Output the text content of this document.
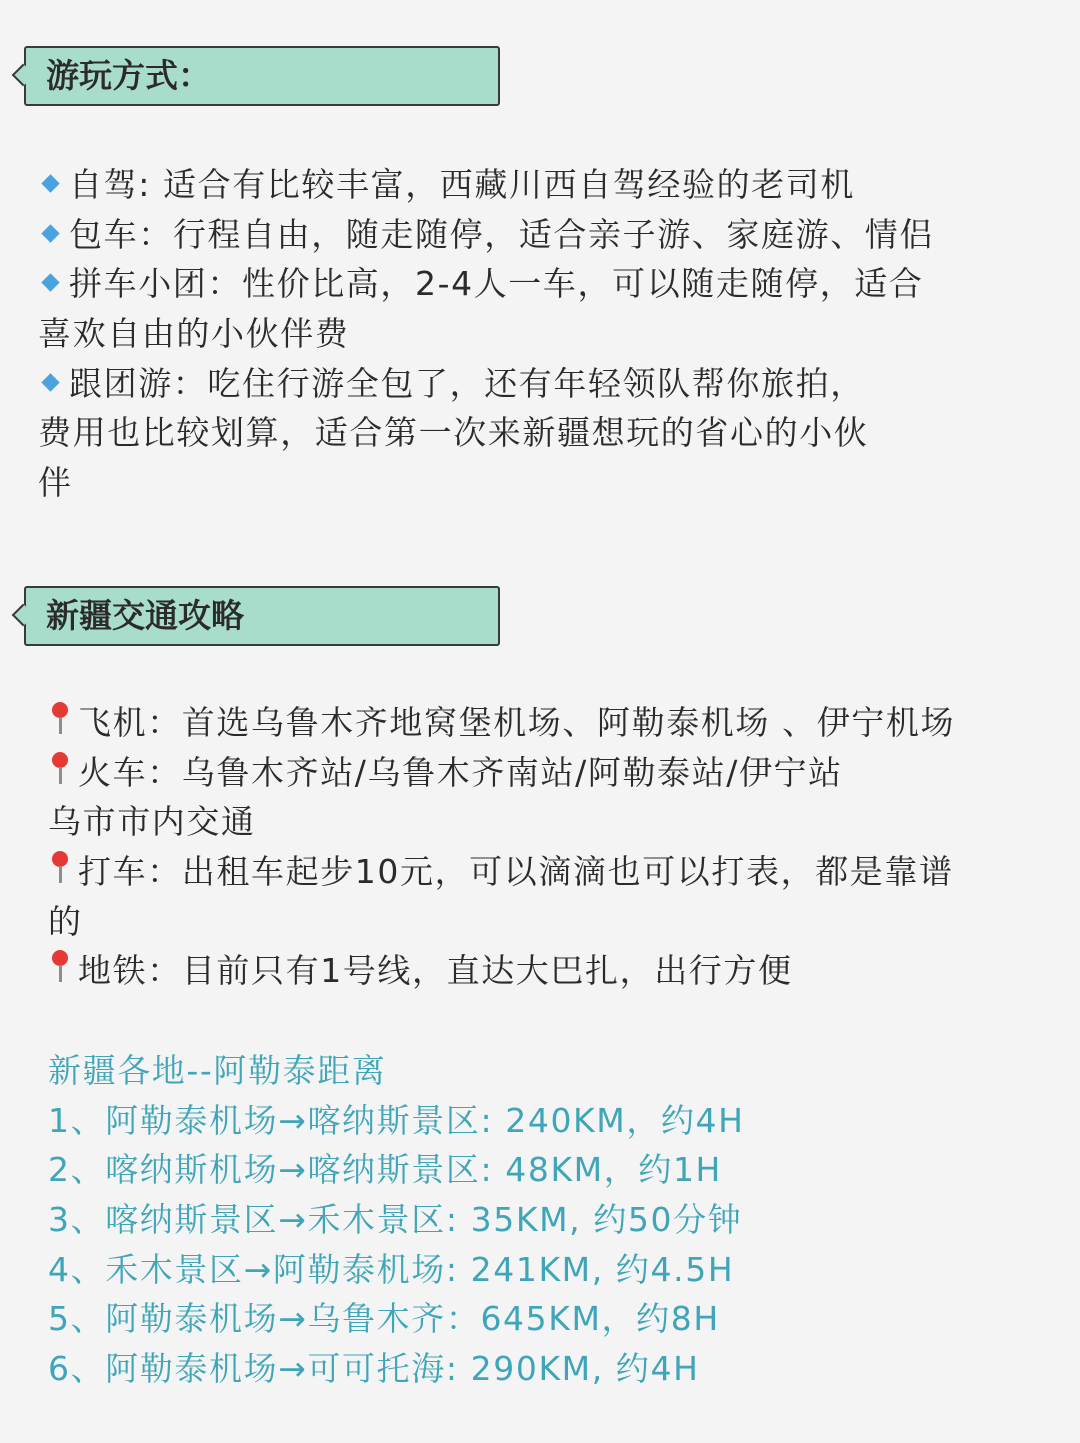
游玩方式：
自驾: 适合有比较丰富，西藏川西自驾经验的老司机
包车：行程自由，随走随停，适合亲子游、家庭游、情侣
拼车小团：性价比高，2-4人一车，可以随走随停，适合
喜欢自由的小伙伴费
跟团游：吃住行游全包了，还有年轻领队帮你旅拍，
费用也比较划算，适合第一次来新疆想玩的省心的小伙
伴
新疆交通攻略
飞机：首选乌鲁木齐地窝堡机场、阿勒泰机场 、伊宁机场
火车：乌鲁木齐站/乌鲁木齐南站/阿勒泰站/伊宁站
乌市市内交通
打车：出租车起步10元，可以滴滴也可以打表，都是靠谱
的
地铁：目前只有1号线，直达大巴扎，出行方便
新疆各地--阿勒泰距离
1、阿勒泰机场→喀纳斯景区: 240KM，约4H
2、喀纳斯机场→喀纳斯景区: 48KM，约1H
3、喀纳斯景区→禾木景区: 35KM, 约50分钟
4、禾木景区→阿勒泰机场: 241KM, 约4.5H
5、阿勒泰机场→乌鲁木齐：645KM，约8H
6、阿勒泰机场→可可托海: 290KM, 约4H
